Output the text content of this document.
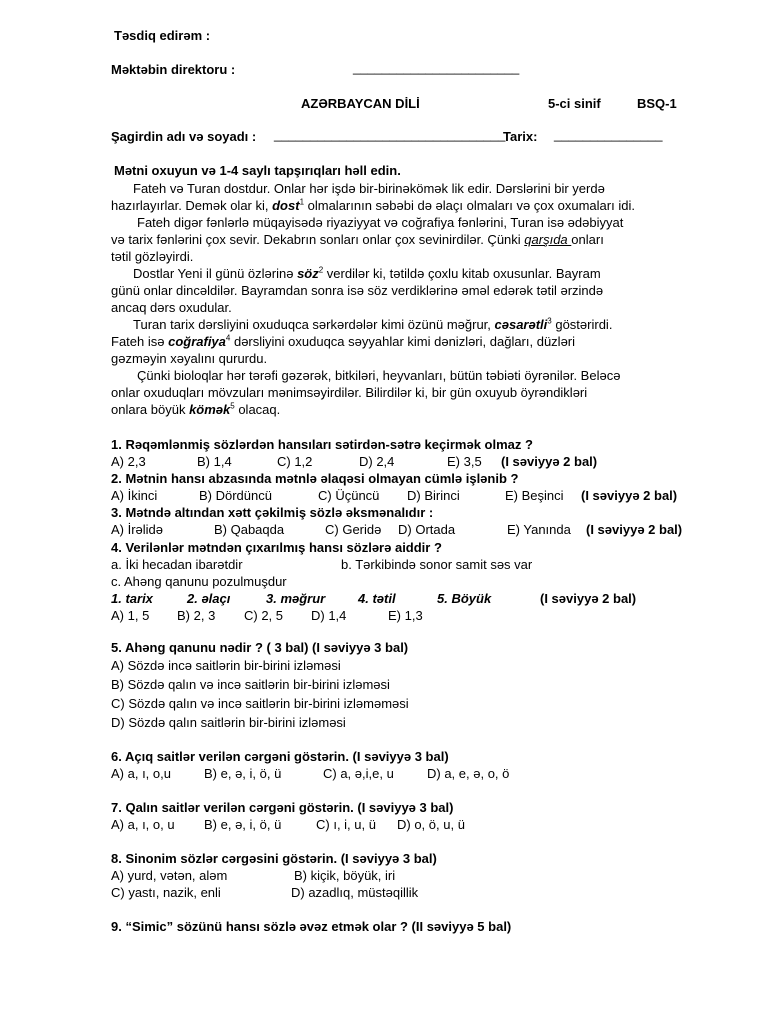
Təsdiq edirəm :
Məktəbin direktoru :	_______________________
AZƏRBAYCAN DİLİ	5-ci sinif	BSQ-1
Şagirdin adı və soyadı : ________________________________
Tarix: _______________
Mətni oxuyun və 1-4 saylı tapşırıqları həll edin.
Fateh və Turan dostdur. Onlar hər işdə bir-birinəkömək lik edir. Dərslərini bir yerdə
hazırlayırlar. Demək olar ki, dost$^1$ olmalarının səbəbi də əlaçı olmaları və çox oxumaları idi.
Fateh digər fənlərlə müqayisədə riyaziyyat və coğrafiya fənlərini, Turan isə ədəbiyyat
və tarix fənlərini çox sevir. Dekabrın sonları onlar çox sevinirdilər. Çünki qarşıda onları
tətil gözləyirdi.
Dostlar Yeni il günü özlərinə söz$^2$ verdilər ki, tətildə çoxlu kitab oxusunlar. Bayram
günü onlar dincəldilər. Bayramdan sonra isə söz verdiklərinə əməl edərək tətil ərzində
ancaq dərs oxudular.
Turan tarix dərsliyini oxuduqca sərkərdələr kimi özünü məğrur, cəsarətli$^3$ göstərirdi.
Fateh isə coğrafiya$^4$ dərsliyini oxuduqca səyyahlar kimi dənizləri, dağları, düzləri
gəzməyin xəyalını qururdu.
Çünki bioloqlar hər tərəfi gəzərək, bitkiləri, heyvanları, bütün təbiəti öyrənilər. Beləcə
onlar oxuduqları mövzuları mənimsəyirdilər. Bilirdilər ki, bir gün oxuyub öyrəndikləri
onlara böyük kömək$^5$ olacaq.
1. Rəqəmlənmiş sözlərdən hansıları sətirdən-sətrə keçirmək olmaz ?
A) 2,3	B) 1,4	C) 1,2	D) 2,4	E) 3,5 (I səviyyə 2 bal)
2. Mətnin hansı abzasında mətnlə əlaqəsi olmayan cümlə işlənib ?
A) İkinci	B) Dördüncü	C) Üçüncü D) Birinci	E) Beşinci (I səviyyə 2 bal)
3. Mətndə altından xətt çəkilmiş sözlə əksmənalıdır :
A) İrəlidə	B) Qabaqda	C) Geridə D) Ortada	E) Yanında (I səviyyə 2 bal)
4. Verilənlər mətndən çıxarılmış hansı sözlərə aiddir ?
a. İki hecadan ibarətdir	b. Tərkibində sonor samit səs var
c. Ahəng qanunu pozulmuşdur
1. tarix	2. əlaçı	3. məğrur	4. tətil	5. Böyük	(I səviyyə 2 bal)
A) 1, 5 B) 2, 3 C) 2, 5 D) 1,4	E) 1,3
5. Ahəng qanunu nədir ? ( 3 bal) (I səviyyə 3 bal)
A) Sözdə incə saitlərin bir-birini izləməsi
B) Sözdə qalın və incə saitlərin bir-birini izləməsi
C) Sözdə qalın və incə saitlərin bir-birini izləməməsi
D) Sözdə qalın saitlərin bir-birini izləməsi
6. Açıq saitlər verilən cərgəni göstərin. (I səviyyə 3 bal)
A) a, ı, o,u	B) e, ə, i, ö, ü	C) a, ə,i,e, u	D) a, e, ə, o, ö
7. Qalın saitlər verilən cərgəni göstərin. (I səviyyə 3 bal)
A) a, ı, o, u B) e, ə, i, ö, ü	C) ı, i, u, ü D) o, ö, u, ü
8. Sinonim sözlər cərgəsini göstərin. (I səviyyə 3 bal)
A) yurd, vətən, aləm	B) kiçik, böyük, iri
C) yastı, nazik, enli	D) azadlıq, müstəqillik
9. “Simic” sözünü hansı sözlə əvəz etmək olar ? (II səviyyə 5 bal)
